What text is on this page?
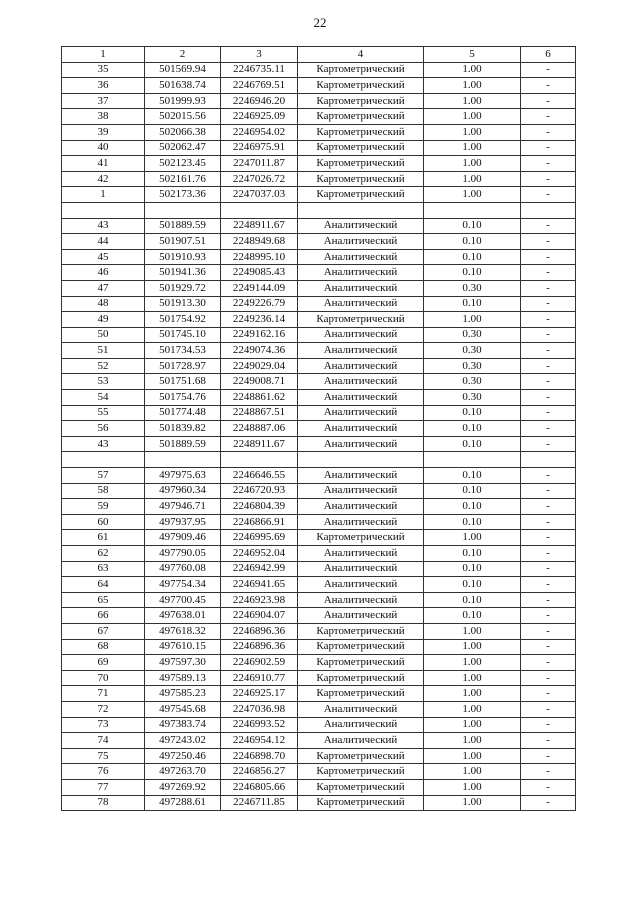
22
1	2	3	4	5	6
35	501569.94	2246735.11	Картометрический	1.00	-
36	501638.74	2246769.51	Картометрический	1.00	-
37	501999.93	2246946.20	Картометрический	1.00	-
38	502015.56	2246925.09	Картометрический	1.00	-
39	502066.38	2246954.02	Картометрический	1.00	-
40	502062.47	2246975.91	Картометрический	1.00	-
41	502123.45	2247011.87	Картометрический	1.00	-
42	502161.76	2247026.72	Картометрический	1.00	-
1	502173.36	2247037.03	Картометрический	1.00	-

43	501889.59	2248911.67	Аналитический	0.10	-
44	501907.51	2248949.68	Аналитический	0.10	-
45	501910.93	2248995.10	Аналитический	0.10	-
46	501941.36	2249085.43	Аналитический	0.10	-
47	501929.72	2249144.09	Аналитический	0.30	-
48	501913.30	2249226.79	Аналитический	0.10	-
49	501754.92	2249236.14	Картометрический	1.00	-
50	501745.10	2249162.16	Аналитический	0.30	-
51	501734.53	2249074.36	Аналитический	0.30	-
52	501728.97	2249029.04	Аналитический	0.30	-
53	501751.68	2249008.71	Аналитический	0.30	-
54	501754.76	2248861.62	Аналитический	0.30	-
55	501774.48	2248867.51	Аналитический	0.10	-
56	501839.82	2248887.06	Аналитический	0.10	-
43	501889.59	2248911.67	Аналитический	0.10	-

57	497975.63	2246646.55	Аналитический	0.10	-
58	497960.34	2246720.93	Аналитический	0.10	-
59	497946.71	2246804.39	Аналитический	0.10	-
60	497937.95	2246866.91	Аналитический	0.10	-
61	497909.46	2246995.69	Картометрический	1.00	-
62	497790.05	2246952.04	Аналитический	0.10	-
63	497760.08	2246942.99	Аналитический	0.10	-
64	497754.34	2246941.65	Аналитический	0.10	-
65	497700.45	2246923.98	Аналитический	0.10	-
66	497638.01	2246904.07	Аналитический	0.10	-
67	497618.32	2246896.36	Картометрический	1.00	-
68	497610.15	2246896.36	Картометрический	1.00	-
69	497597.30	2246902.59	Картометрический	1.00	-
70	497589.13	2246910.77	Картометрический	1.00	-
71	497585.23	2246925.17	Картометрический	1.00	-
72	497545.68	2247036.98	Аналитический	1.00	-
73	497383.74	2246993.52	Аналитический	1.00	-
74	497243.02	2246954.12	Аналитический	1.00	-
75	497250.46	2246898.70	Картометрический	1.00	-
76	497263.70	2246856.27	Картометрический	1.00	-
77	497269.92	2246805.66	Картометрический	1.00	-
78	497288.61	2246711.85	Картометрический	1.00	-
